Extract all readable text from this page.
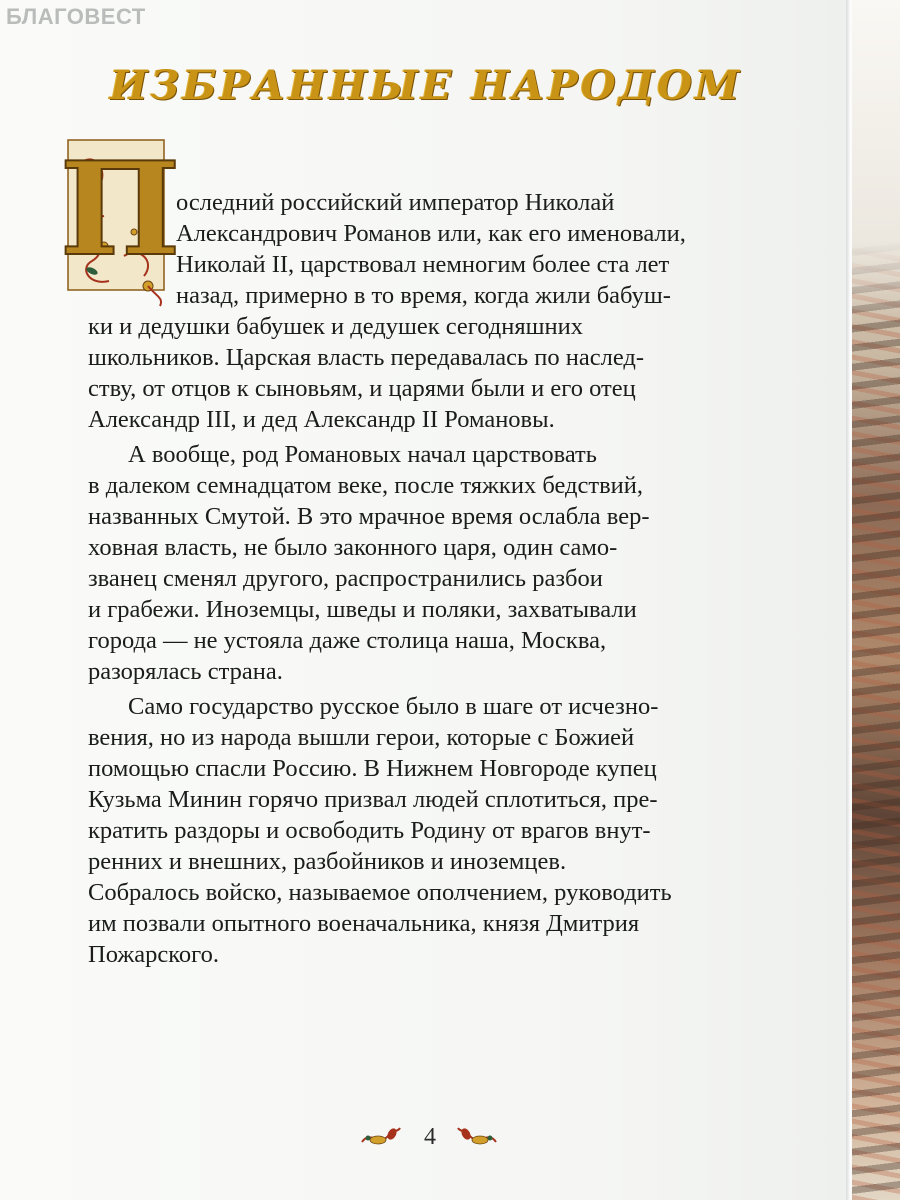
БЛАГОВЕСТ
ИЗБРАННЫЕ НАРОДОМ
П
оследний российский император Николай
Александрович Романов или, как его именовали,
Николай II, царствовал немногим более ста лет
назад, примерно в то время, когда жили бабуш-
ки и дедушки бабушек и дедушек сегодняшних
школьников. Царская власть передавалась по наслед-
ству, от отцов к сыновьям, и царями были и его отец
Александр III, и дед Александр II Романовы.
А вообще, род Романовых начал царствовать
в далеком семнадцатом веке, после тяжких бедствий,
названных Смутой. В это мрачное время ослабла вер-
ховная власть, не было законного царя, один само-
званец сменял другого, распространились разбои
и грабежи. Иноземцы, шведы и поляки, захватывали
города — не устояла даже столица наша, Москва,
разорялась страна.
Само государство русское было в шаге от исчезно-
вения, но из народа вышли герои, которые с Божией
помощью спасли Россию. В Нижнем Новгороде купец
Кузьма Минин горячо призвал людей сплотиться, пре-
кратить раздоры и освободить Родину от врагов внут-
ренних и внешних, разбойников и иноземцев.
Собралось войско, называемое ополчением, руководить
им позвали опытного военачальника, князя Дмитрия
Пожарского.
4
